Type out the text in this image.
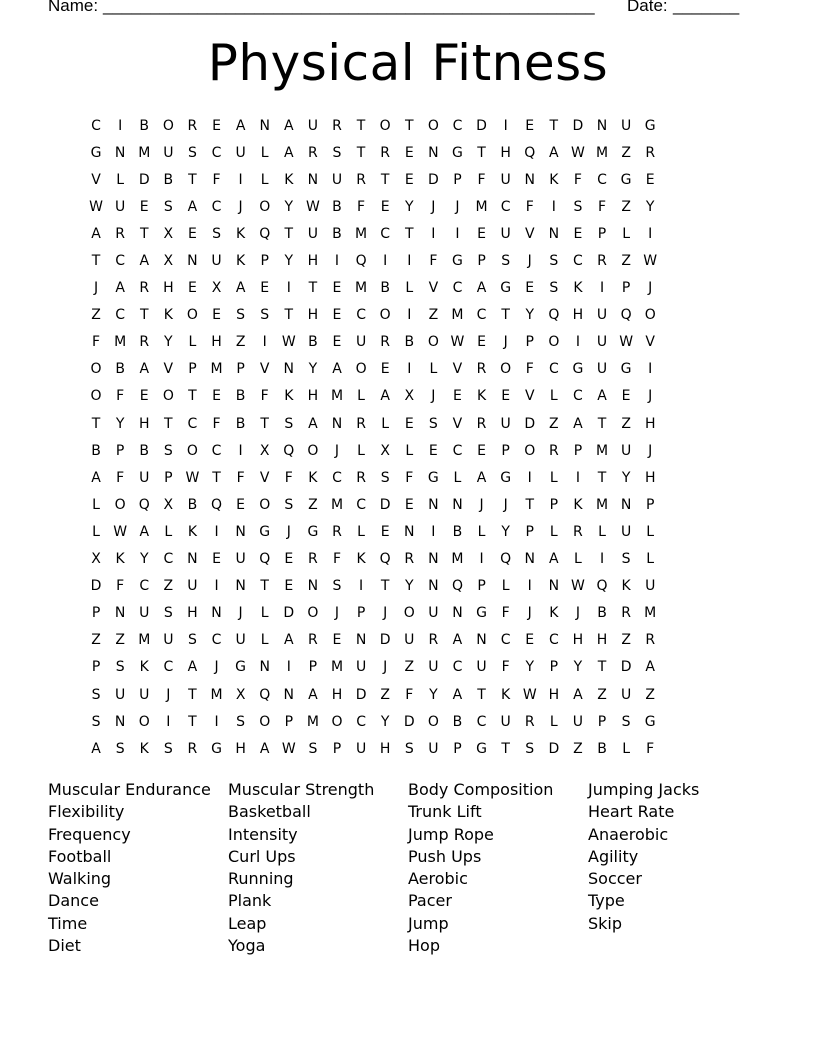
Name: ____________________________________________________ Date: _______
Physical Fitness
C	I	B O R	E	A	N	A	U	R	T	O	T	O C D	I	E	T	D N U G
G N M U	S	C	U	L	A	R	S	T	R	E	N G	T	H Q A W M Z	R
V	L	D B	T	F	I	L	K	N U	R	T	E	D	P	F	U N	K	F	C G	E
W U	E	S	A	C	J	O	Y W B	F	E	Y	J	J	M C	F	I	S	F	Z	Y
A	R	T	X	E	S	K Q	T	U	B M C	T	I	I	E	U	V	N	E	P	L	I
T	C	A	X	N U	K	P	Y	H	I	Q	I	I	F	G	P	S	J	S	C	R	Z W
J	A	R H	E	X	A	E	I	T	E M B	L	V	C	A G	E	S	K	I	P	J
Z	C	T	K O	E	S	S	T	H	E	C O	I	Z M C	T	Y	Q H U Q O
F	M R	Y	L	H	Z	I	W B	E	U	R	B O W E	J	P	O	I	U W V
O B	A	V	P M P	V	N	Y	A O	E	I	L	V	R O	F	C G U G	I
O	F	E	O	T	E	B	F	K	H M	L	A	X	J	E	K	E	V	L	C	A	E	J
T	Y	H	T	C	F	B	T	S	A	N R	L	E	S	V	R	U D Z	A	T	Z	H
B	P	B	S	O C	I	X Q O	J	L	X	L	E	C	E	P	O R	P M U	J
A	F	U	P W T	F	V	F	K	C	R	S	F	G	L	A G	I	L	I	T	Y	H
L	O Q X	B Q	E	O	S	Z M C D	E	N N	J	J	T	P	K M N	P
L W A	L	K	I	N G	J	G R	L	E	N	I	B	L	Y	P	L	R	L	U	L
X	K	Y	C N	E	U Q	E	R	F	K Q R N M	I	Q N	A	L	I	S	L
D	F	C	Z	U	I	N	T	E	N	S	I	T	Y	N Q	P	L	I	N W Q K	U
P	N U	S	H N	J	L	D O	J	P	J	O U N G	F	J	K	J	B	R M
Z	Z M U	S	C	U	L	A	R	E	N D U	R	A	N C	E	C H H	Z	R
P	S	K	C	A	J	G N	I	P M U	J	Z	U	C	U	F	Y	P	Y	T	D A
S	U U	J	T M X Q N	A	H D Z	F	Y	A	T	K W H	A	Z	U	Z
S	N O	I	T	I	S	O	P M O C	Y	D O B	C	U	R	L	U	P	S	G
A	S	K	S	R G H	A W S	P	U H	S	U	P	G	T	S	D Z	B	L	F
Muscular Endurance	Muscular Strength	Body Composition	Jumping Jacks
Flexibility	Basketball	Trunk Lift	Heart Rate
Frequency	Intensity	Jump Rope	Anaerobic
Football	Curl Ups	Push Ups	Agility
Walking	Running	Aerobic	Soccer
Dance	Plank	Pacer	Type
Time	Leap	Jump	Skip
Diet	Yoga	Hop
